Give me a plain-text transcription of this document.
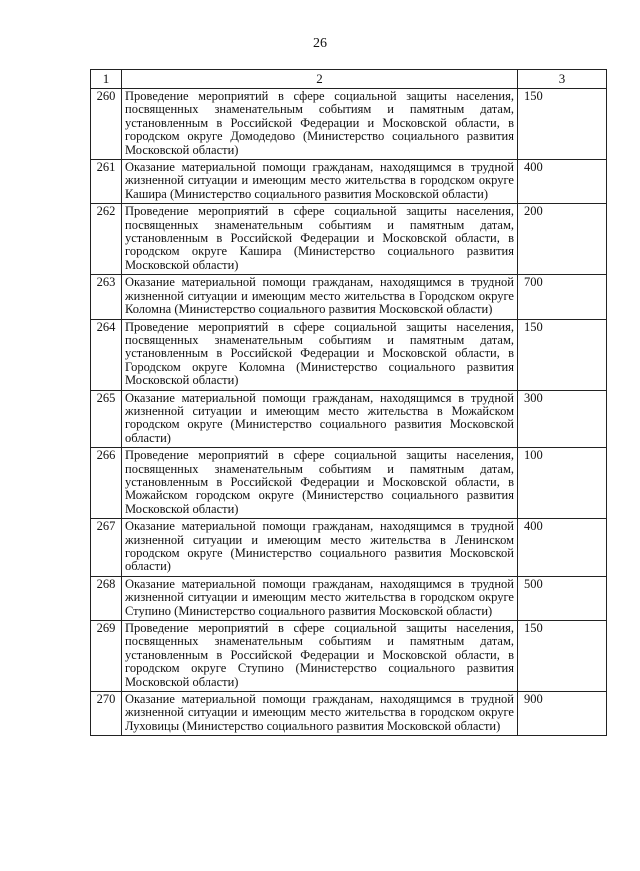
26
1	2	3
260	Проведение мероприятий в сфере социальной защиты населения, посвященных знаменательным событиям и памятным датам, установленным в Российской Федерации и Московской области, в городском округе Домодедово (Министерство социального развития Московской области)	150
261	Оказание материальной помощи гражданам, находящимся в трудной жизненной ситуации и имеющим место жительства в городском округе Кашира (Министерство социального развития Московской области)	400
262	Проведение мероприятий в сфере социальной защиты населения, посвященных знаменательным событиям и памятным датам, установленным в Российской Федерации и Московской области, в городском округе Кашира (Министерство социального развития Московской области)	200
263	Оказание материальной помощи гражданам, находящимся в трудной жизненной ситуации и имеющим место жительства в Городском округе Коломна (Министерство социального развития Московской области)	700
264	Проведение мероприятий в сфере социальной защиты населения, посвященных знаменательным событиям и памятным датам, установленным в Российской Федерации и Московской области, в Городском округе Коломна (Министерство социального развития Московской области)	150
265	Оказание материальной помощи гражданам, находящимся в трудной жизненной ситуации и имеющим место жительства в Можайском городском округе (Министерство социального развития Московской области)	300
266	Проведение мероприятий в сфере социальной защиты населения, посвященных знаменательным событиям и памятным датам, установленным в Российской Федерации и Московской области, в Можайском городском округе (Министерство социального развития Московской области)	100
267	Оказание материальной помощи гражданам, находящимся в трудной жизненной ситуации и имеющим место жительства в Ленинском городском округе (Министерство социального развития Московской области)	400
268	Оказание материальной помощи гражданам, находящимся в трудной жизненной ситуации и имеющим место жительства в городском округе Ступино (Министерство социального развития Московской области)	500
269	Проведение мероприятий в сфере социальной защиты населения, посвященных знаменательным событиям и памятным датам, установленным в Российской Федерации и Московской области, в городском округе Ступино (Министерство социального развития Московской области)	150
270	Оказание материальной помощи гражданам, находящимся в трудной жизненной ситуации и имеющим место жительства в городском округе Луховицы (Министерство социального развития Московской области)	900
